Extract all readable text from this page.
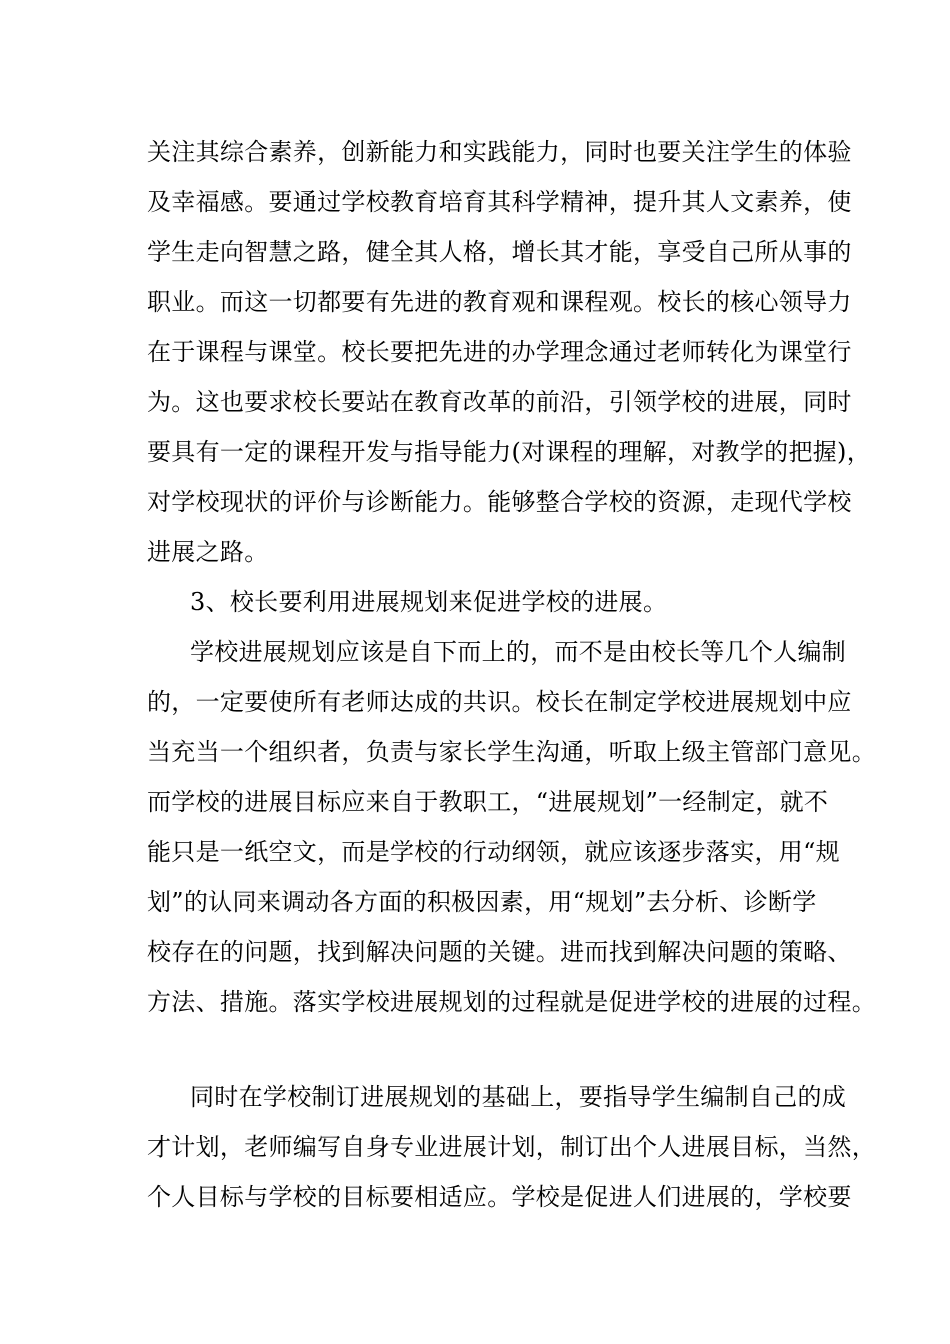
关注其综合素养，创新能力和实践能力，同时也要关注学生的体验
及幸福感。要通过学校教育培育其科学精神，提升其人文素养，使
学生走向智慧之路，健全其人格，增长其才能，享受自己所从事的
职业。而这一切都要有先进的教育观和课程观。校长的核心领导力
在于课程与课堂。校长要把先进的办学理念通过老师转化为课堂行
为。这也要求校长要站在教育改革的前沿，引领学校的进展，同时
要具有一定的课程开发与指导能力(对课程的理解，对教学的把握)，
对学校现状的评价与诊断能力。能够整合学校的资源，走现代学校
进展之路。
3、校长要利用进展规划来促进学校的进展。
学校进展规划应该是自下而上的，而不是由校长等几个人编制
的，一定要使所有老师达成的共识。校长在制定学校进展规划中应
当充当一个组织者，负责与家长学生沟通，听取上级主管部门意见。
而学校的进展目标应来自于教职工，“进展规划”一经制定，就不
能只是一纸空文，而是学校的行动纲领，就应该逐步落实，用“规
划”的认同来调动各方面的积极因素，用“规划”去分析、诊断学
校存在的问题，找到解决问题的关键。进而找到解决问题的策略、
方法、措施。落实学校进展规划的过程就是促进学校的进展的过程。
同时在学校制订进展规划的基础上，要指导学生编制自己的成
才计划，老师编写自身专业进展计划，制订出个人进展目标，当然，
个人目标与学校的目标要相适应。学校是促进人们进展的，学校要
